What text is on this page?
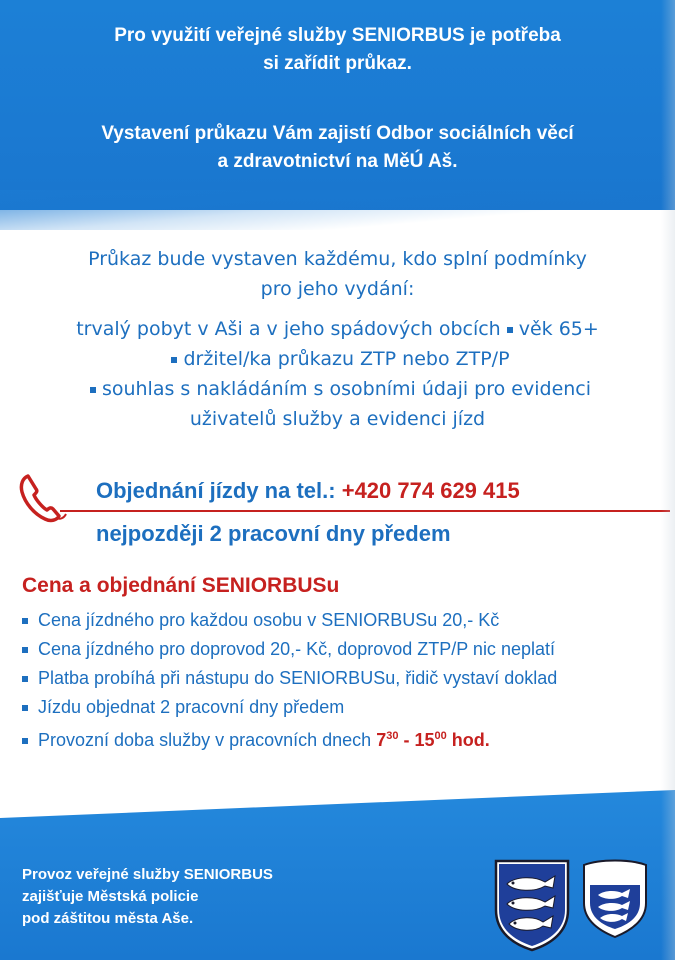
Pro využití veřejné služby SENIORBUS je potřeba
si zařídit průkaz.
Vystavení průkazu Vám zajistí Odbor sociálních věcí
a zdravotnictví na MěÚ Aš.
Průkaz bude vystaven každému, kdo splní podmínky
pro jeho vydání:
trvalý pobyt v Aši a v jeho spádových obcích věk 65+
držitel/ka průkazu ZTP nebo ZTP/P
souhlas s nakládáním s osobními údaji pro evidenci
uživatelů služby a evidenci jízd
Objednání jízdy na tel.: +420 774 629 415
nejpozději 2 pracovní dny předem
Cena a objednání SENIORBUSu
Cena jízdného pro každou osobu v SENIORBUSu 20,- Kč
Cena jízdného pro doprovod 20,- Kč, doprovod ZTP/P nic neplatí
Platba probíhá při nástupu do SENIORBUSu, řidič vystaví doklad
Jízdu objednat 2 pracovní dny předem
Provozní doba služby v pracovních dnech $7^{30} - 15^{00}$ hod.
Provoz veřejné služby SENIORBUS
zajišťuje Městská policie
pod záštitou města Aše.
